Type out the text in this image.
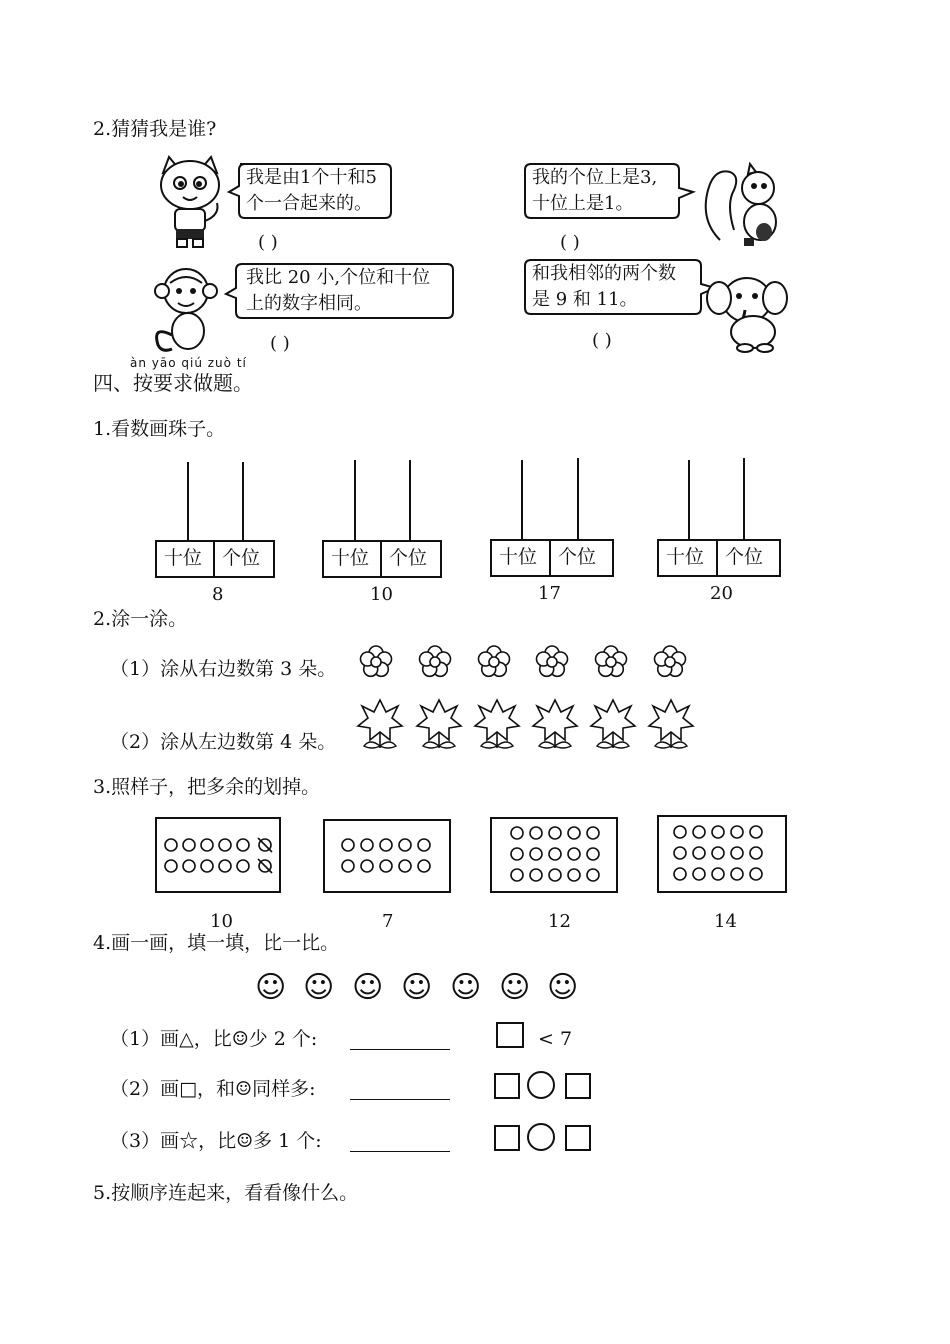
2.猜猜我是谁?
我是由1个十和5
个一合起来的。
( )
我的个位上是3,
十位上是1。
( )
我比 20 小,个位和十位
上的数字相同。
( )
和我相邻的两个数
是 9 和 11。
( )
àn yāo qiú zuò tí
四、按要求做题。
1.看数画珠子。
十位 个位
8
十位 个位
10
十位 个位
17
十位 个位
20
2.涂一涂。
（1）涂从右边数第 3 朵。
（2）涂从左边数第 4 朵。
3.照样子，把多余的划掉。
10	7	12	14
4.画一画，填一填，比一比。
☺ ☺ ☺ ☺ ☺ ☺ ☺
（1）画△，比☺少 2 个:	< 7
（2）画□，和☺同样多:
（3）画☆，比☺多 1 个:
5.按顺序连起来，看看像什么。
